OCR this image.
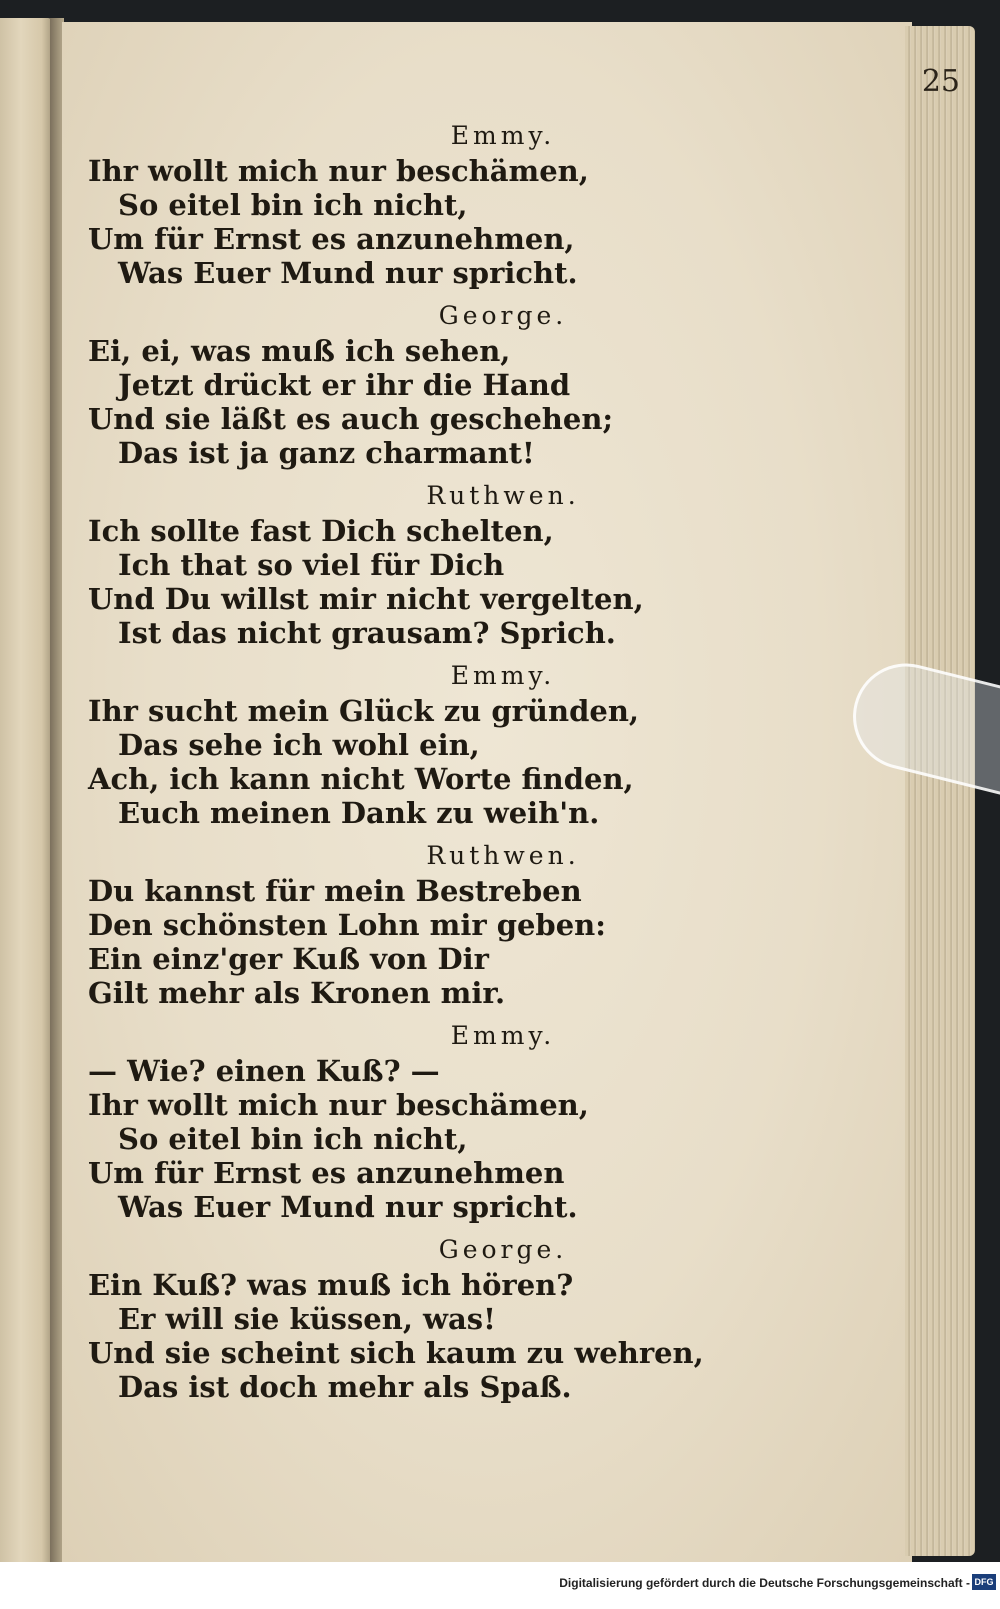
25
Emmy.
Ihr wollt mich nur beschämen,
So eitel bin ich nicht,
Um für Ernst es anzunehmen,
Was Euer Mund nur spricht.
George.
Ei, ei, was muß ich sehen,
Jetzt drückt er ihr die Hand
Und sie läßt es auch geschehen;
Das ist ja ganz charmant!
Ruthwen.
Ich sollte fast Dich schelten,
Ich that so viel für Dich
Und Du willst mir nicht vergelten,
Ist das nicht grausam? Sprich.
Emmy.
Ihr sucht mein Glück zu gründen,
Das sehe ich wohl ein,
Ach, ich kann nicht Worte finden,
Euch meinen Dank zu weih'n.
Ruthwen.
Du kannst für mein Bestreben
Den schönsten Lohn mir geben:
Ein einz'ger Kuß von Dir
Gilt mehr als Kronen mir.
Emmy.
— Wie? einen Kuß? —
Ihr wollt mich nur beschämen,
So eitel bin ich nicht,
Um für Ernst es anzunehmen
Was Euer Mund nur spricht.
George.
Ein Kuß? was muß ich hören?
Er will sie küssen, was!
Und sie scheint sich kaum zu wehren,
Das ist doch mehr als Spaß.
Digitalisierung gefördert durch die Deutsche Forschungsgemeinschaft - DFG
